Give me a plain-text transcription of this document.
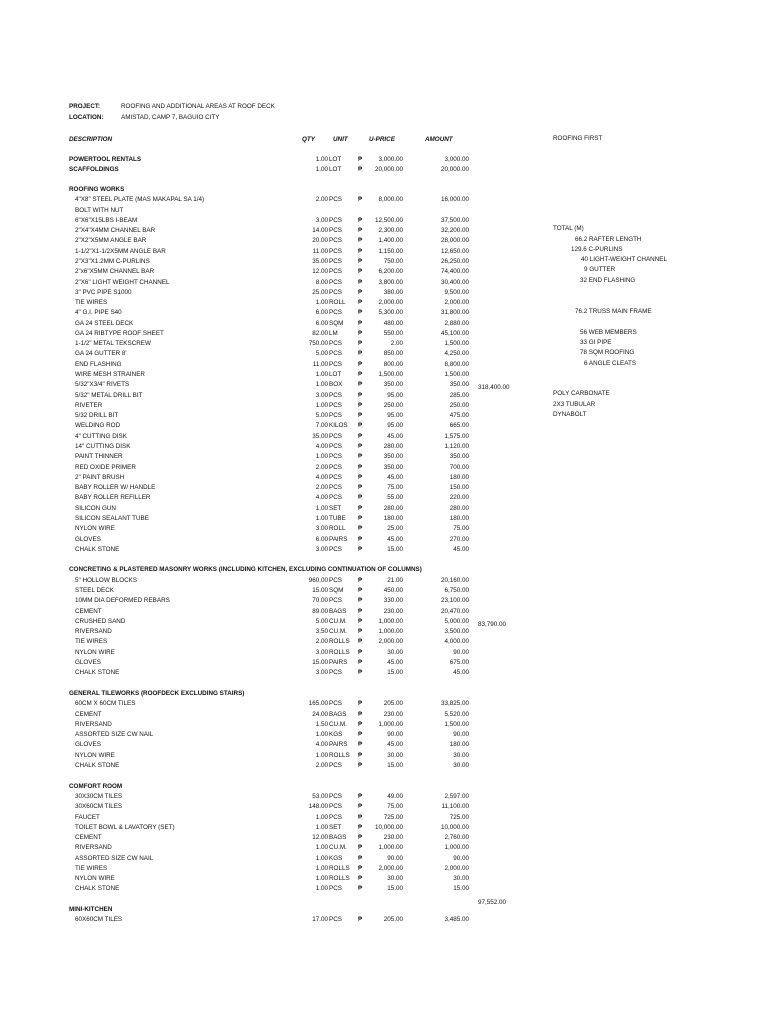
PROJECT:	ROOFING AND ADDITIONAL AREAS AT ROOF DECK
LOCATION:	AMISTAD, CAMP 7, BAGUIO CITY
DESCRIPTION	QTY	UNIT	U-PRICE	AMOUNT
POWERTOOL RENTALS	1.00 LOT	₱	3,000.00	3,000.00
SCAFFOLDINGS	1.00 LOT	₱ 20,000.00	20,000.00
ROOFING WORKS
4"X8" STEEL PLATE (MAS MAKAPAL SA 1/4)	2.00 PCS	₱	8,000.00	16,000.00
BOLT WITH NUT
6"X6"X15LBS I-BEAM	3.00 PCS	₱ 12,500.00	37,500.00
2"X4"X4MM CHANNEL BAR	14.00 PCS	₱	2,300.00	32,200.00
2"X2"X5MM ANGLE BAR	20.00 PCS	₱	1,400.00	28,000.00
1-1/2"X1-1/2X5MM ANGLE BAR	11.00 PCS	₱	1,150.00	12,650.00
2"X3"X1.2MM C-PURLINS	35.00 PCS	₱	750.00	26,250.00
2"x6"X5MM CHANNEL BAR	12.00 PCS	₱	6,200.00	74,400.00
2"X6" LIGHT WEIGHT CHANNEL	8.00 PCS	₱	3,800.00	30,400.00
3" PVC PIPE S1000	25.00 PCS	₱	380.00	9,500.00
TIE WIRES	1.00 ROLL ₱	2,000.00	2,000.00
4" G.I. PIPE S40	6.00 PCS	₱	5,300.00	31,800.00
GA 24 STEEL DECK	6.00 SQM ₱	480.00	2,880.00
GA 24 RIBTYPE ROOF SHEET	82.00 LM	₱	550.00	45,100.00
1-1/2" METAL TEKSCREW	750.00 PCS	₱	2.00	1,500.00
GA 24 GUTTER 8'	5.00 PCS	₱	850.00	4,250.00
END FLASHING	11.00 PCS	₱	800.00	8,800.00
WIRE MESH STRAINER	1.00 LOT	₱	1,500.00	1,500.00
5/32"X3/4" RIVETS	1.00 BOX ₱	350.00	350.00
5/32" METAL DRILL BIT	3.00 PCS	₱	95.00	285.00
RIVETER	1.00 PCS	₱	250.00	250.00
5/32 DRILL BIT	5.00 PCS	₱	95.00	475.00
WELDING ROD	7.00 KILOS ₱	95.00	665.00
4" CUTTING DISK	35.00 PCS	₱	45.00	1,575.00
14" CUTTING DISK	4.00 PCS	₱	280.00	1,120.00
PAINT THINNER	1.00 PCS	₱	350.00	350.00
RED OXIDE PRIMER	2.00 PCS	₱	350.00	700.00
2" PAINT BRUSH	4.00 PCS	₱	45.00	180.00
BABY ROLLER W/ HANDLE	2.00 PCS	₱	75.00	150.00
BABY ROLLER REFILLER	4.00 PCS	₱	55.00	220.00
SILICON GUN	1.00 SET	₱	280.00	280.00
SILICON SEALANT TUBE	1.00 TUBE ₱	180.00	180.00
NYLON WIRE	3.00 ROLL ₱	25.00	75.00
GLOVES	6.00 PAIRS ₱	45.00	270.00
CHALK STONE	3.00 PCS	₱	15.00	45.00
CONCRETING & PLASTERED MASONRY WORKS (INCLUDING KITCHEN, EXCLUDING CONTINUATION OF COLUMNS)
5" HOLLOW BLOCKS	960.00 PCS	₱	21.00	20,160.00
STEEL DECK	15.00 SQM ₱	450.00	6,750.00
10MM DIA DEFORMED REBARS	70.00 PCS	₱	330.00	23,100.00
CEMENT	89.00 BAGS ₱	230.00	20,470.00
CRUSHED SAND	5.00 CU.M. ₱	1,000.00	5,000.00
RIVERSAND	3.50 CU.M. ₱	1,000.00	3,500.00
TIE WIRES	2.00 ROLLS ₱	2,000.00	4,000.00
NYLON WIRE	3.00 ROLLS ₱	30.00	90.00
GLOVES	15.00 PAIRS ₱	45.00	675.00
CHALK STONE	3.00 PCS	₱	15.00	45.00
GENERAL TILEWORKS (ROOFDECK EXCLUDING STAIRS)
60CM X 60CM TILES	165.00 PCS	₱	205.00	33,825.00
CEMENT	24.00 BAGS ₱	230.00	5,520.00
RIVERSAND	1.50 CU.M. ₱	1,000.00	1,500.00
ASSORTED SIZE CW NAIL	1.00 KGS ₱	90.00	90.00
GLOVES	4.00 PAIRS ₱	45.00	180.00
NYLON WIRE	1.00 ROLLS ₱	30.00	30.00
CHALK STONE	2.00 PCS	₱	15.00	30.00
COMFORT ROOM
30X30CM TILES	53.00 PCS	₱	49.00	2,597.00
30X60CM TILES	148.00 PCS	₱	75.00	11,100.00
FAUCET	1.00 PCS	₱	725.00	725.00
TOILET BOWL & LAVATORY (SET)	1.00 SET	₱ 10,000.00	10,000.00
CEMENT	12.00 BAGS ₱	230.00	2,760.00
RIVERSAND	1.00 CU.M. ₱	1,000.00	1,000.00
ASSORTED SIZE CW NAIL	1.00 KGS ₱	90.00	90.00
TIE WIRES	1.00 ROLLS ₱	2,000.00	2,000.00
NYLON WIRE	1.00 ROLLS ₱	30.00	30.00
CHALK STONE	1.00 PCS	₱	15.00	15.00
MINI-KITCHEN
60X60CM TILES	17.00 PCS	₱	205.00	3,485.00
318,400.00
83,790.00
97,552.00
ROOFING FIRST
TOTAL (M)
66.2 RAFTER LENGTH
129.6 C-PURLINS
40 LIGHT-WEIGHT CHANNEL
9 GUTTER
32 END FLASHING
76.2 TRUSS MAIN FRAME
56 WEB MEMBERS
33 GI PIPE
78 SQM ROOFING
6 ANGLE CLEATS
POLY CARBONATE
2X3 TUBULAR
DYNABOLT
